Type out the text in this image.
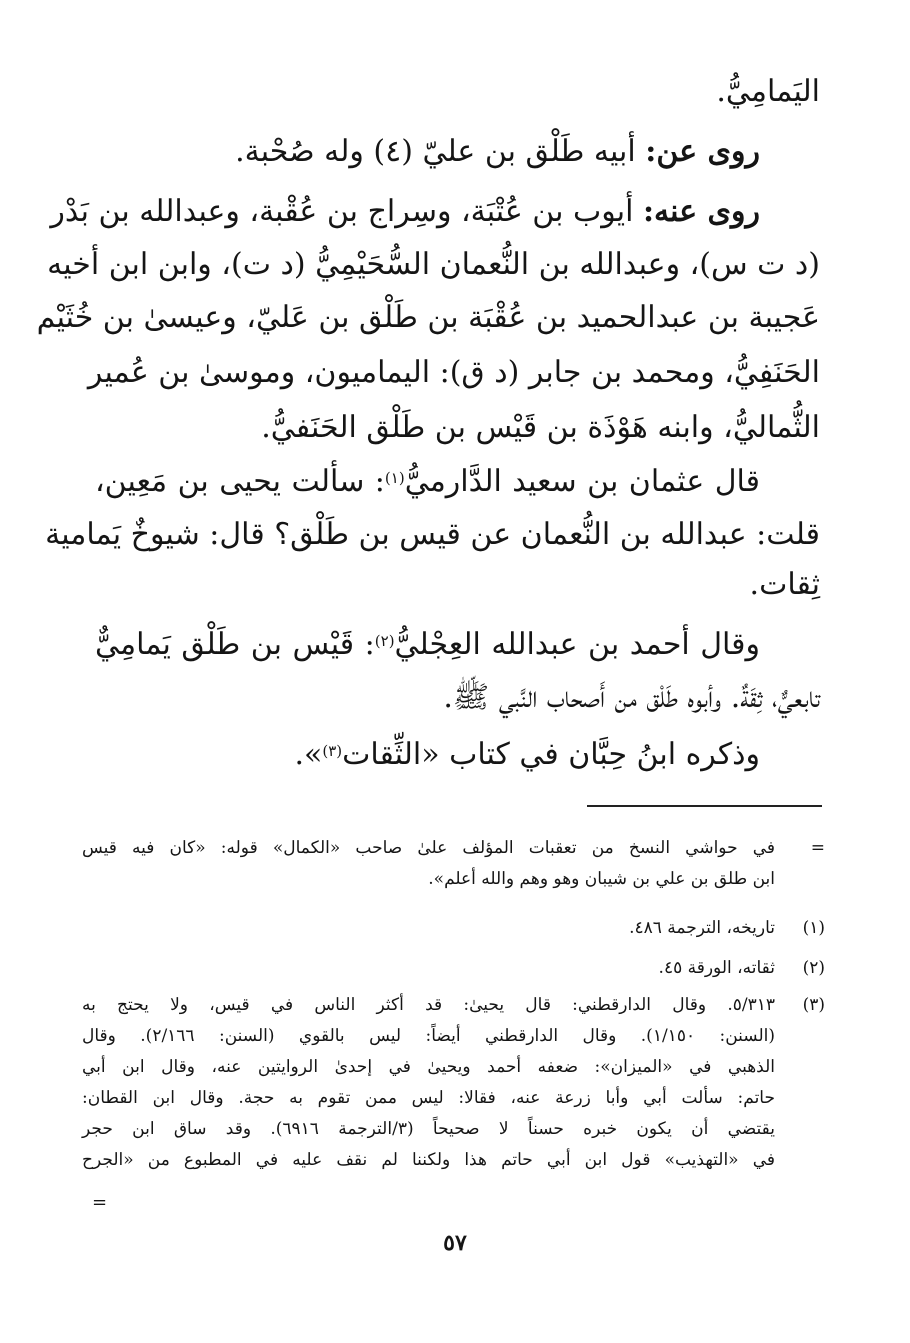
اليَمامِيُّ.
روى عن: أبيه طَلْق بن عليّ (٤) وله صُحْبة.
روى عنه: أيوب بن عُتْبَة، وسِراج بن عُقْبة، وعبدالله بن بَدْر
(د ت س)، وعبدالله بن النُّعمان السُّحَيْمِيُّ (د ت)، وابن ابن أخيه
عَجيبة بن عبدالحميد بن عُقْبَة بن طَلْق بن عَليّ، وعيسىٰ بن خُثَيْم
الحَنَفِيُّ، ومحمد بن جابر (د ق): اليماميون، وموسىٰ بن عُمير
الثُّماليُّ، وابنه هَوْذَة بن قَيْس بن طَلْق الحَنَفيُّ.
قال عثمان بن سعيد الدَّارميُّ$^{(١)}$: سألت يحيى بن مَعِين،
قلت: عبدالله بن النُّعمان عن قيس بن طَلْق؟ قال: شيوخٌ يَمامية
ثِقات.
وقال أحمد بن عبدالله العِجْليُّ$^{(٢)}$: قَيْس بن طَلْق يَمامِيٌّ
تابعيٌّ، ثِقَةٌ. وأبوه طَلْق من أَصحاب النَّبي ﷺ.
وذكره ابنُ حِبَّان في كتاب «الثِّقات$^{(٣)}$».
=
في حواشي النسخ من تعقبات المؤلف علىٰ صاحب «الكمال» قوله: «كان فيه قيس
ابن طلق بن علي بن شيبان وهو وهم والله أعلم».
(١)
تاريخه، الترجمة ٤٨٦.
(٢)
ثقاته، الورقة ٤٥.
(٣)
٥/٣١٣. وقال الدارقطني: قال يحيىٰ: قد أكثر الناس في قيس، ولا يحتج به
(السنن: ١/١٥٠). وقال الدارقطني أيضاً: ليس بالقوي (السنن: ٢/١٦٦). وقال
الذهبي في «الميزان»: ضعفه أحمد ويحيىٰ في إحدىٰ الروايتين عنه، وقال ابن أبي
حاتم: سألت أبي وأبا زرعة عنه، فقالا: ليس ممن تقوم به حجة. وقال ابن القطان:
يقتضي أن يكون خبره حسناً لا صحيحاً (٣/الترجمة ٦٩١٦). وقد ساق ابن حجر
في «التهذيب» قول ابن أبي حاتم هذا ولكننا لم نقف عليه في المطبوع من «الجرح
=
٥٧
